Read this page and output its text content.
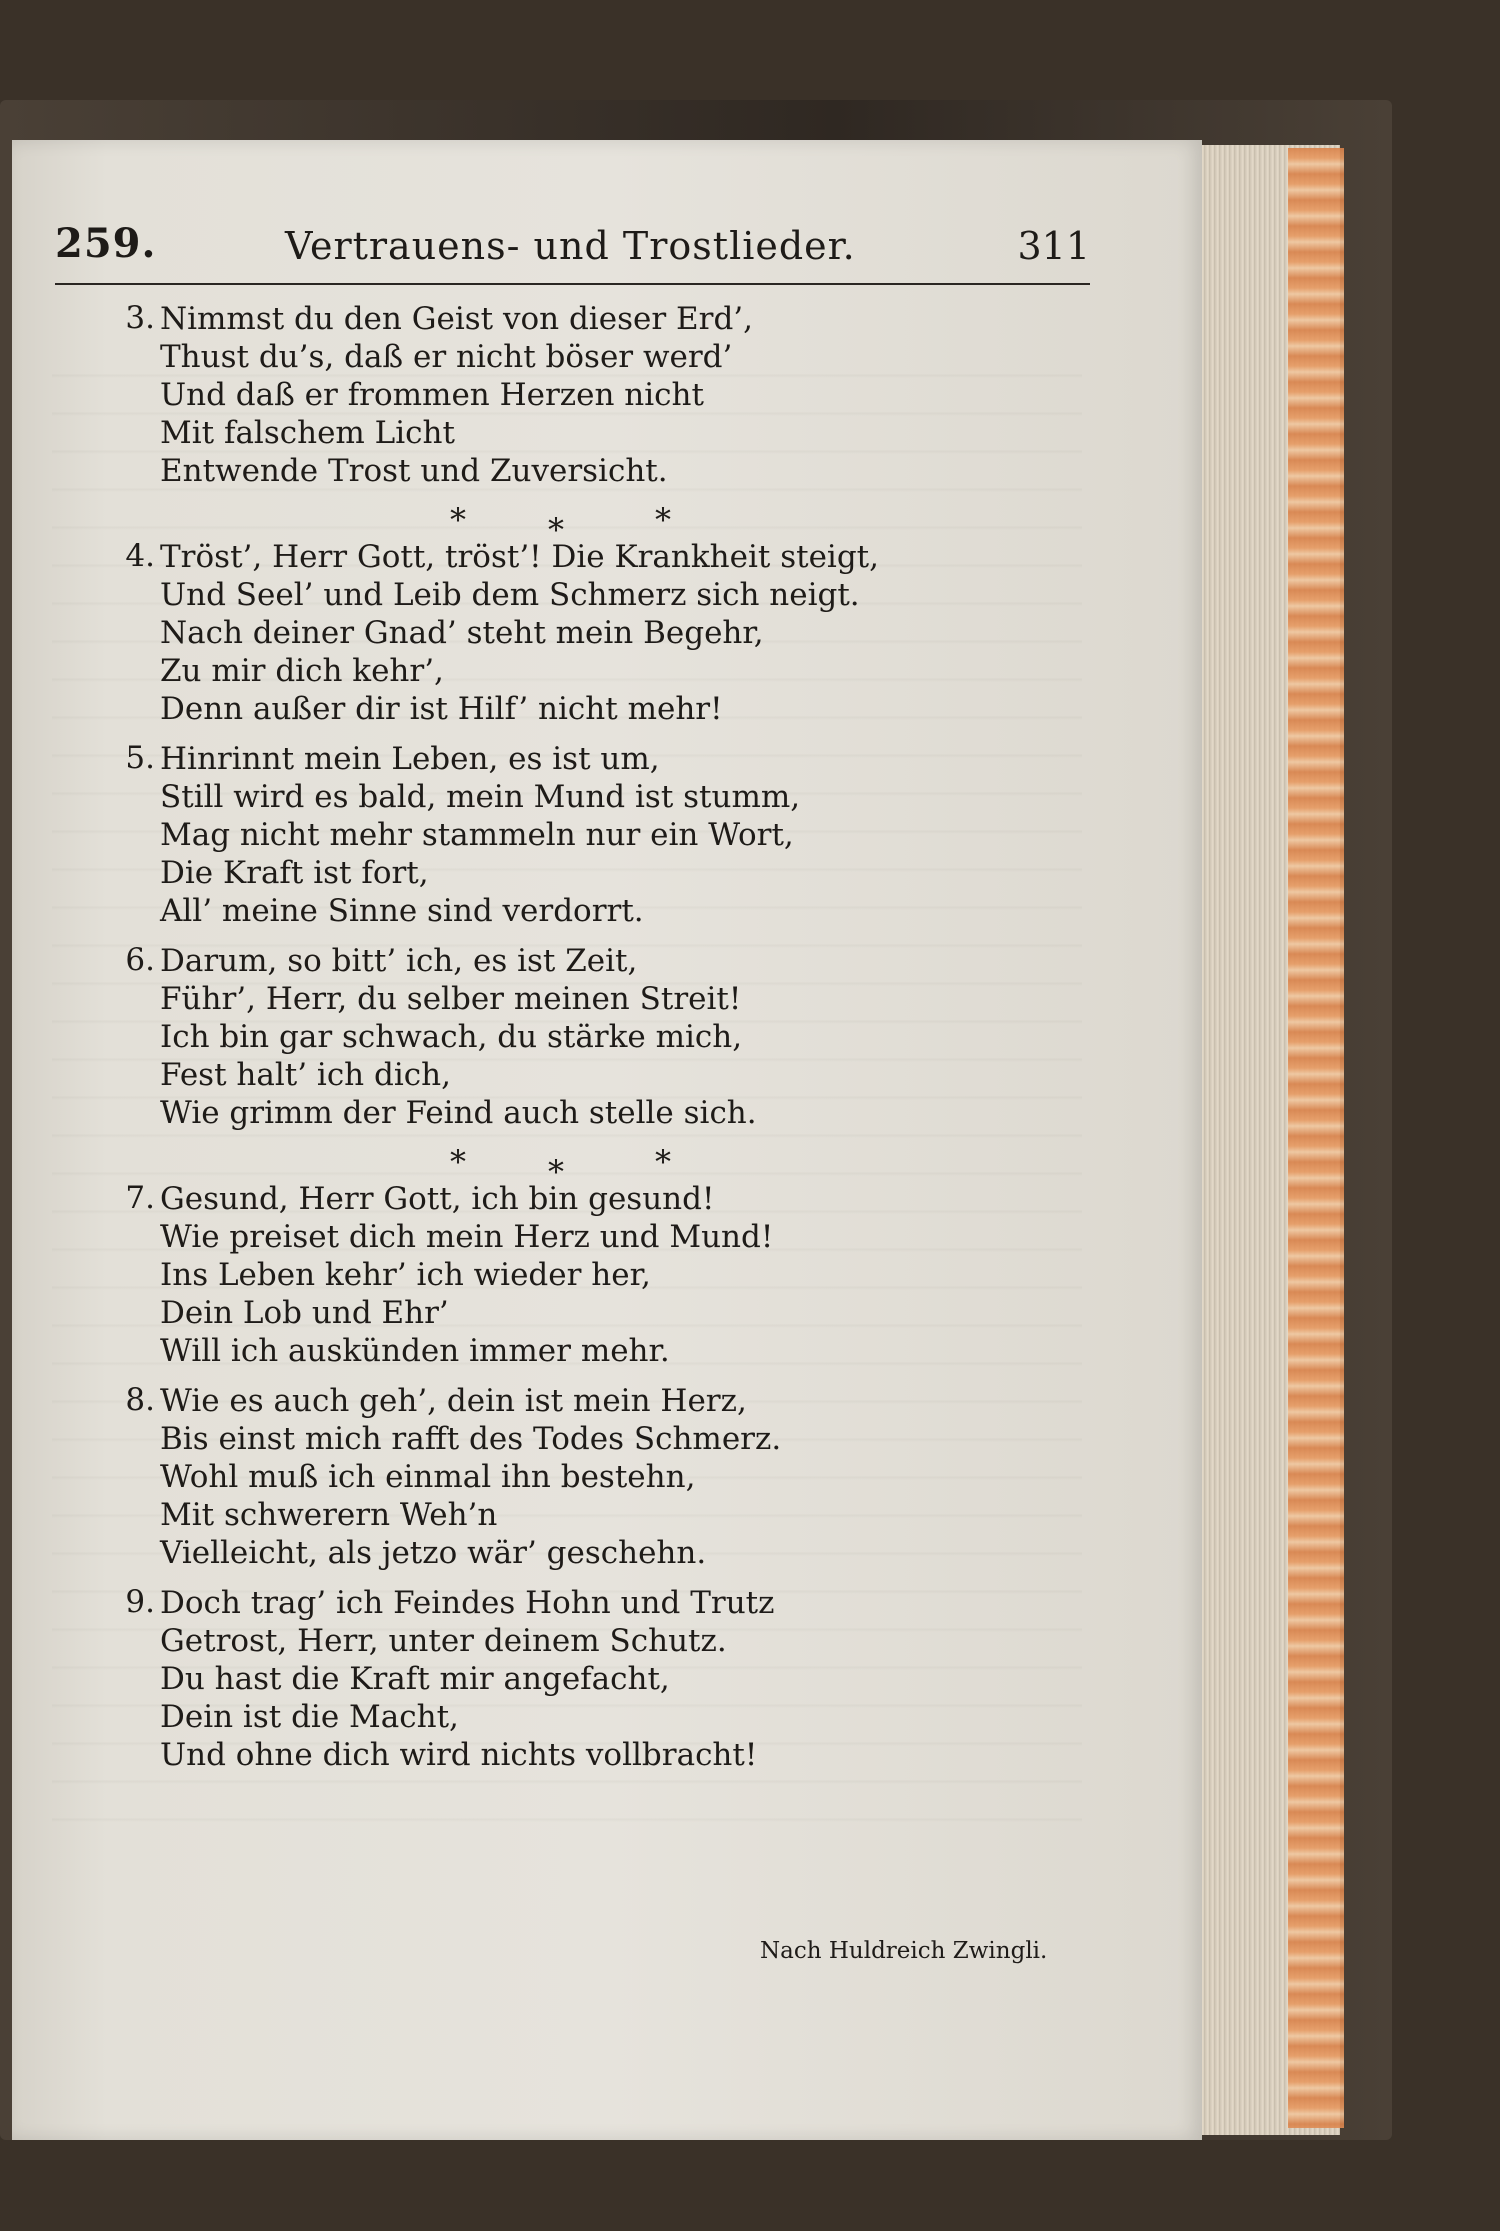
259.	Vertrauens- und Trostlieder.	311
3. Nimmst du den Geist von dieser Erd’,
Thust du’s, daß er nicht böser werd’
Und daß er frommen Herzen nicht
Mit falschem Licht
Entwende Trost und Zuversicht.
*	*	*
4. Tröst’, Herr Gott, tröst’! Die Krankheit steigt,
Und Seel’ und Leib dem Schmerz sich neigt.
Nach deiner Gnad’ steht mein Begehr,
Zu mir dich kehr’,
Denn außer dir ist Hilf’ nicht mehr!
5. Hinrinnt mein Leben, es ist um,
Still wird es bald, mein Mund ist stumm,
Mag nicht mehr stammeln nur ein Wort,
Die Kraft ist fort,
All’ meine Sinne sind verdorrt.
6. Darum, so bitt’ ich, es ist Zeit,
Führ’, Herr, du selber meinen Streit!
Ich bin gar schwach, du stärke mich,
Fest halt’ ich dich,
Wie grimm der Feind auch stelle sich.
*	*	*
7. Gesund, Herr Gott, ich bin gesund!
Wie preiset dich mein Herz und Mund!
Ins Leben kehr’ ich wieder her,
Dein Lob und Ehr’
Will ich auskünden immer mehr.
8. Wie es auch geh’, dein ist mein Herz,
Bis einst mich rafft des Todes Schmerz.
Wohl muß ich einmal ihn bestehn,
Mit schwerern Weh’n
Vielleicht, als jetzo wär’ geschehn.
9. Doch trag’ ich Feindes Hohn und Trutz
Getrost, Herr, unter deinem Schutz.
Du hast die Kraft mir angefacht,
Dein ist die Macht,
Und ohne dich wird nichts vollbracht!
Nach Huldreich Zwingli.
